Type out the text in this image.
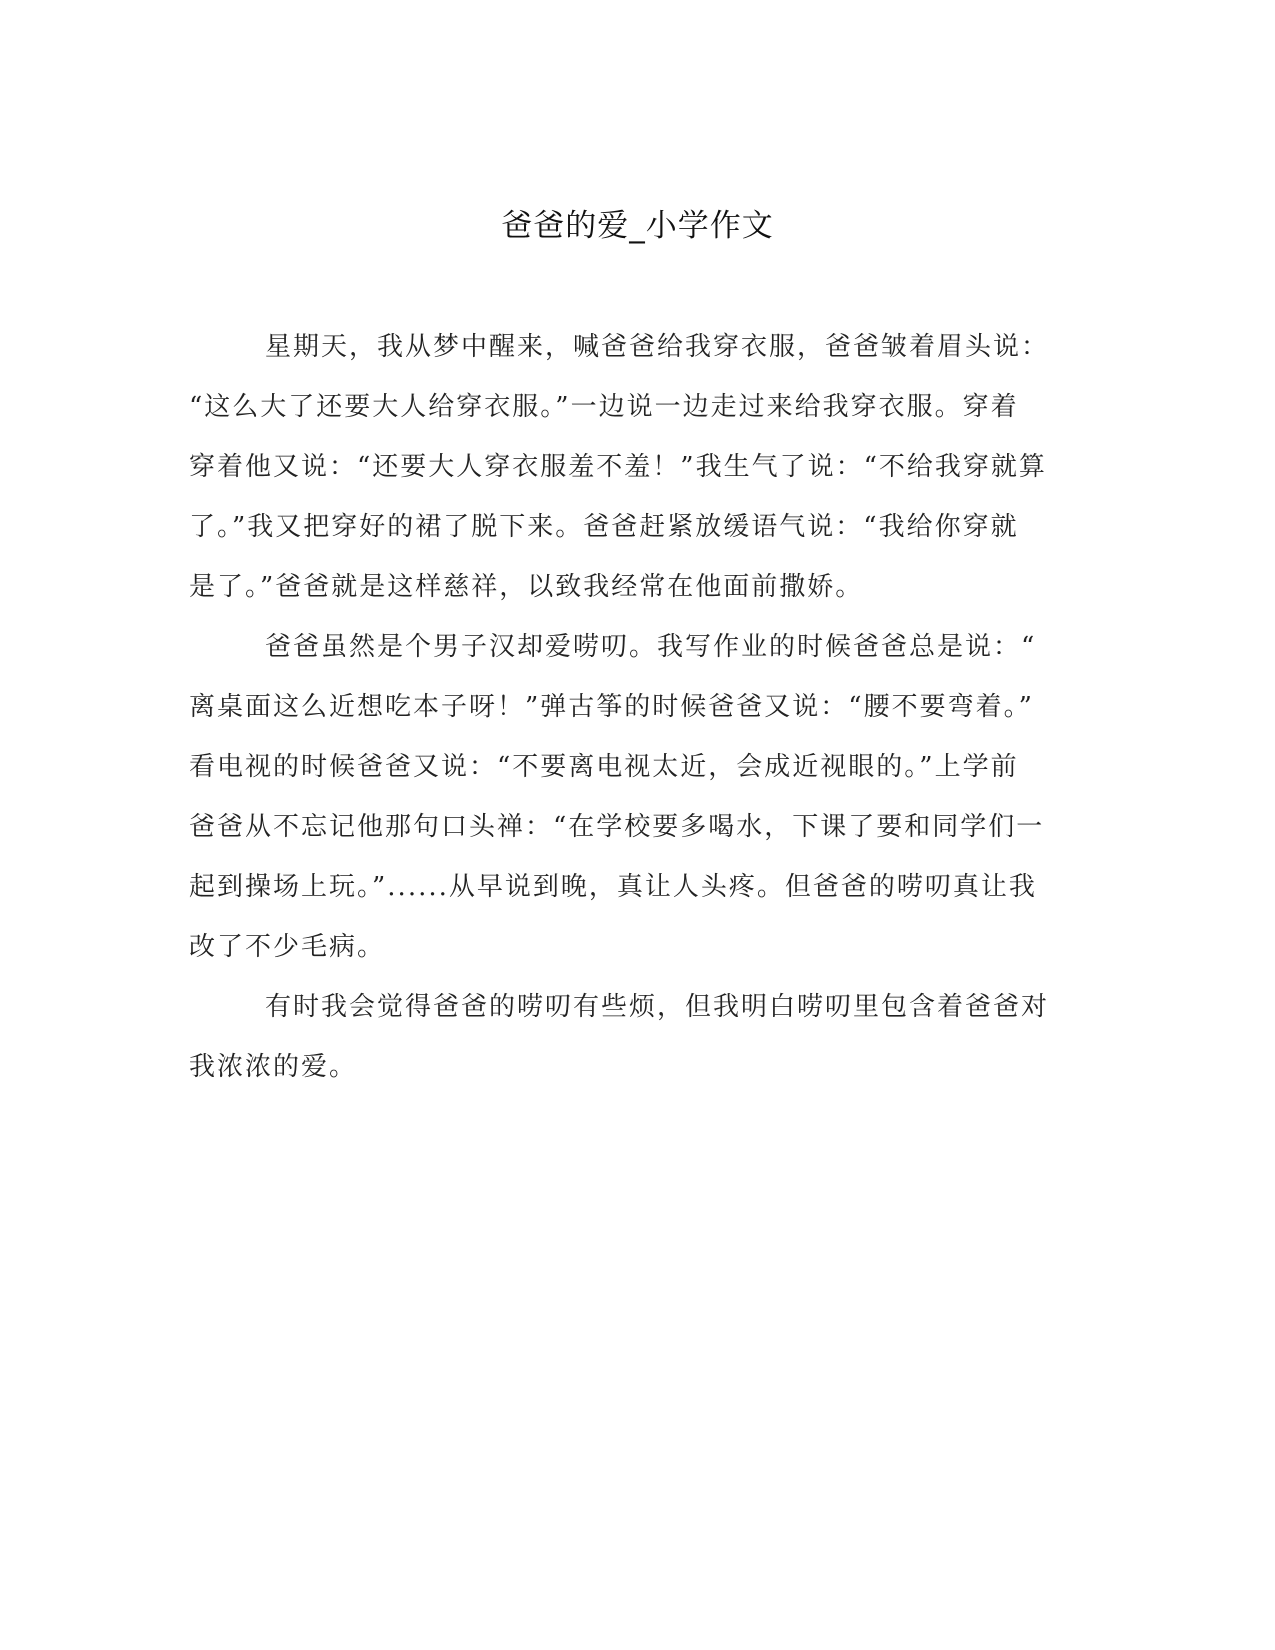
爸爸的爱_小学作文
星期天，我从梦中醒来，喊爸爸给我穿衣服，爸爸皱着眉头说：
“这么大了还要大人给穿衣服。”一边说一边走过来给我穿衣服。穿着
穿着他又说：“还要大人穿衣服羞不羞！”我生气了说：“不给我穿就算
了。”我又把穿好的裙了脱下来。爸爸赶紧放缓语气说：“我给你穿就
是了。”爸爸就是这样慈祥，以致我经常在他面前撒娇。
爸爸虽然是个男子汉却爱唠叨。我写作业的时候爸爸总是说：“
离桌面这么近想吃本子呀！”弹古筝的时候爸爸又说：“腰不要弯着。”
看电视的时候爸爸又说：“不要离电视太近，会成近视眼的。”上学前
爸爸从不忘记他那句口头禅：“在学校要多喝水，下课了要和同学们一
起到操场上玩。”......从早说到晚，真让人头疼。但爸爸的唠叨真让我
改了不少毛病。
有时我会觉得爸爸的唠叨有些烦，但我明白唠叨里包含着爸爸对
我浓浓的爱。
